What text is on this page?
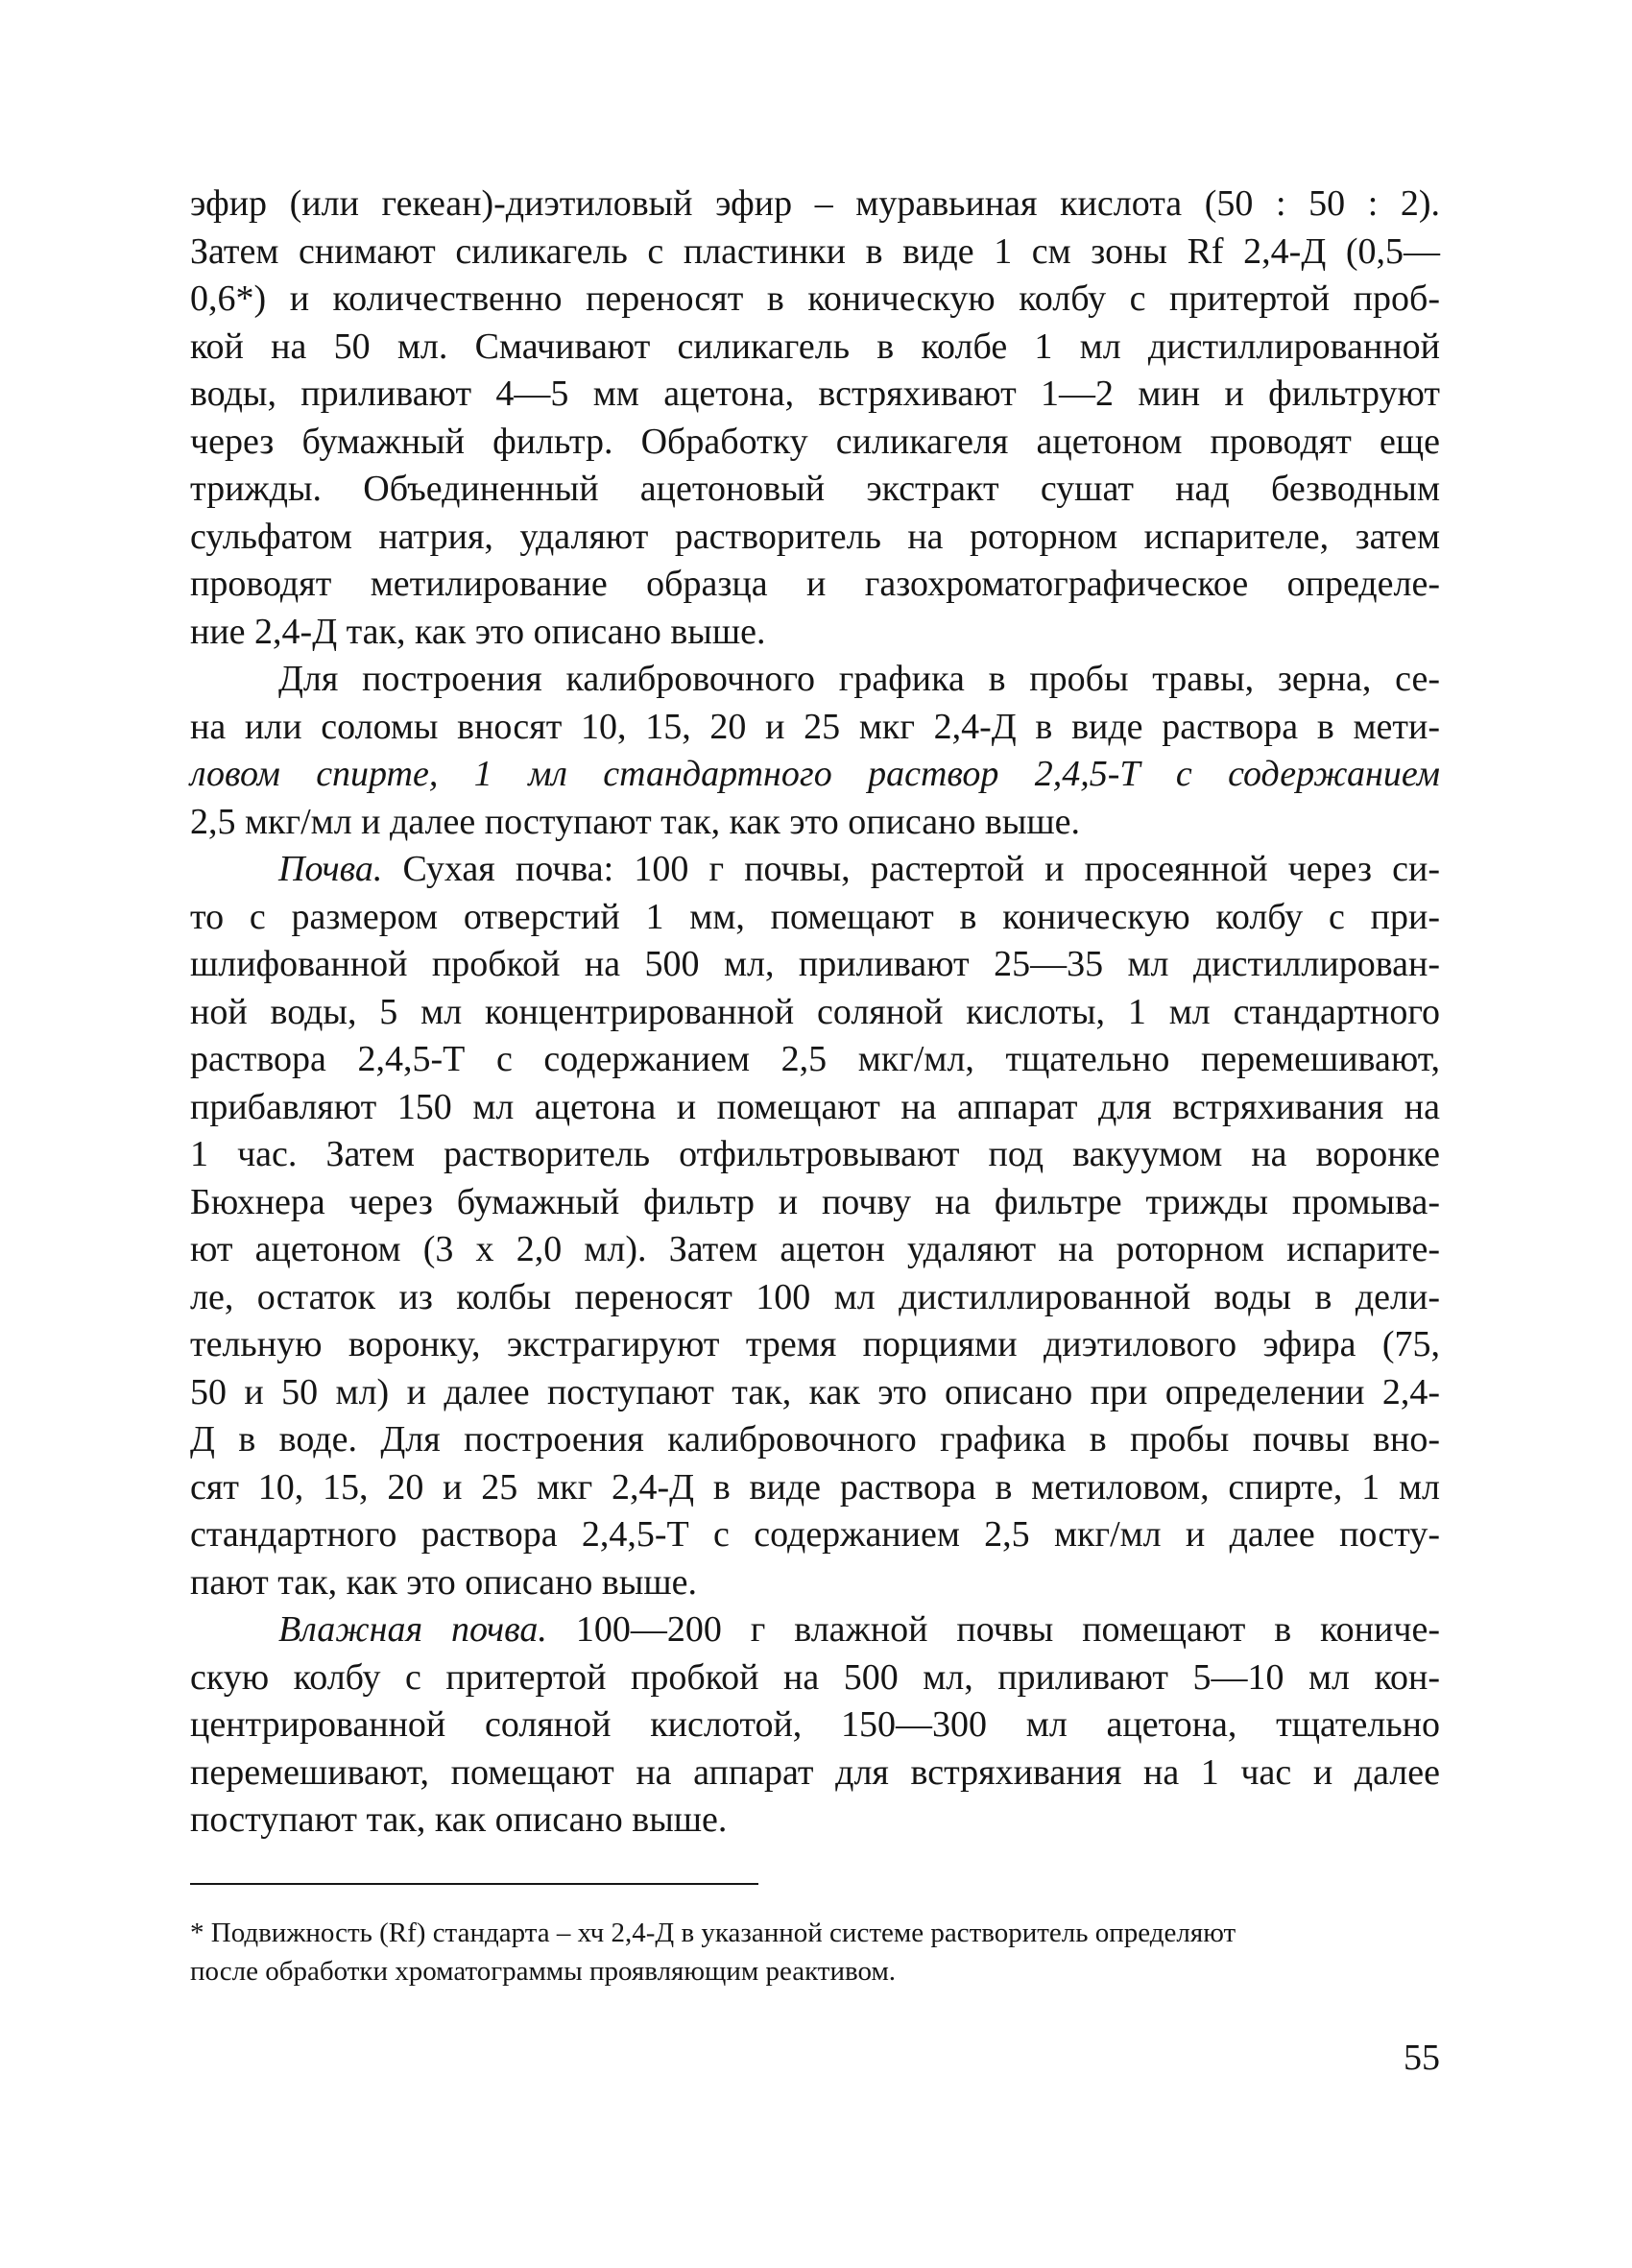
эфир (или гекеан)-диэтиловый эфир – муравьиная кислота (50 : 50 : 2).
Затем снимают силикагель с пластинки в виде 1 см зоны Rf 2,4-Д (0,5—
0,6*) и количественно переносят в коническую колбу с притертой проб-
кой на 50 мл. Смачивают силикагель в колбе 1 мл дистиллированной
воды, приливают 4—5 мм ацетона, встряхивают 1—2 мин и фильтруют
через бумажный фильтр. Обработку силикагеля ацетоном проводят еще
трижды. Объединенный ацетоновый экстракт сушат над безводным
сульфатом натрия, удаляют растворитель на роторном испарителе, затем
проводят метилирование образца и газохроматографическое определе-
ние 2,4-Д так, как это описано выше.
Для построения калибровочного графика в пробы травы, зерна, се-
на или соломы вносят 10, 15, 20 и 25 мкг 2,4-Д в виде раствора в мети-
ловом спирте, 1 мл стандартного раствор 2,4,5-Т с содержанием
2,5 мкг/мл и далее поступают так, как это описано выше.
Почва. Сухая почва: 100 г почвы, растертой и просеянной через си-
то с размером отверстий 1 мм, помещают в коническую колбу с при-
шлифованной пробкой на 500 мл, приливают 25—35 мл дистиллирован-
ной воды, 5 мл концентрированной соляной кислоты, 1 мл стандартного
раствора 2,4,5-Т с содержанием 2,5 мкг/мл, тщательно перемешивают,
прибавляют 150 мл ацетона и помещают на аппарат для встряхивания на
1 час. Затем растворитель отфильтровывают под вакуумом на воронке
Бюхнера через бумажный фильтр и почву на фильтре трижды промыва-
ют ацетоном (3 х 2,0 мл). Затем ацетон удаляют на роторном испарите-
ле, остаток из колбы переносят 100 мл дистиллированной воды в дели-
тельную воронку, экстрагируют тремя порциями диэтилового эфира (75,
50 и 50 мл) и далее поступают так, как это описано при определении 2,4-
Д в воде. Для построения калибровочного графика в пробы почвы вно-
сят 10, 15, 20 и 25 мкг 2,4-Д в виде раствора в метиловом, спирте, 1 мл
стандартного раствора 2,4,5-Т с содержанием 2,5 мкг/мл и далее посту-
пают так, как это описано выше.
Влажная почва. 100—200 г влажной почвы помещают в кониче-
скую колбу с притертой пробкой на 500 мл, приливают 5—10 мл кон-
центрированной соляной кислотой, 150—300 мл ацетона, тщательно
перемешивают, помещают на аппарат для встряхивания на 1 час и далее
поступают так, как описано выше.
* Подвижность (Rf) стандарта – хч 2,4-Д в указанной системе растворитель определяют
после обработки хроматограммы проявляющим реактивом.
55
